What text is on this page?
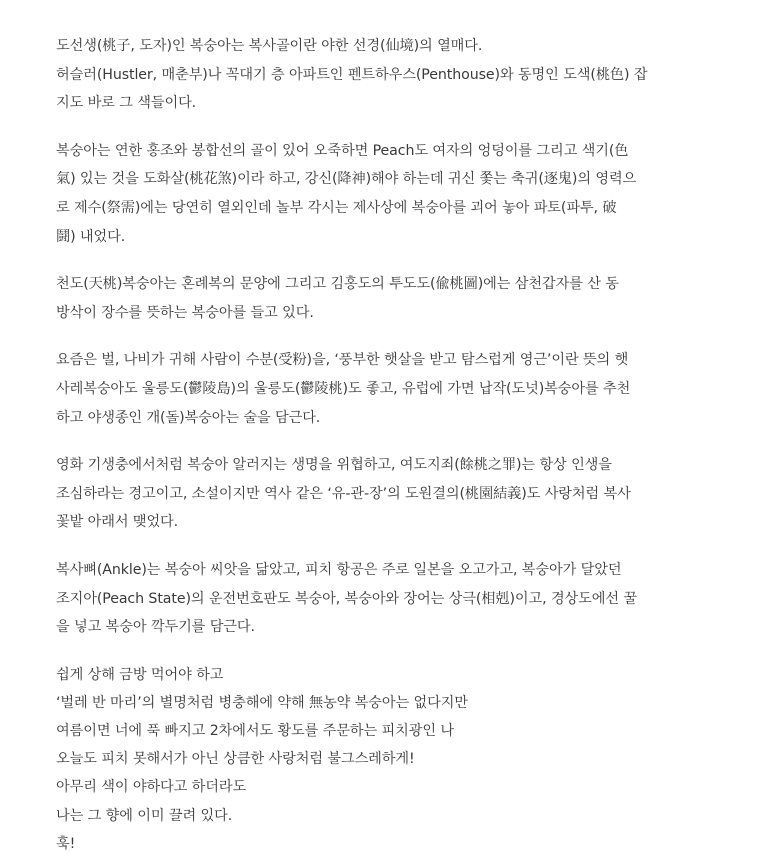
도선생(桃子, 도자)인 복숭아는 복사골이란 야한 선경(仙境)의 열매다.
허슬러(Hustler, 매춘부)나 꼭대기 층 아파트인 펜트하우스(Penthouse)와 동명인 도색(桃色) 잡
지도 바로 그 색들이다.
복숭아는 연한 홍조와 봉합선의 골이 있어 오죽하면 Peach도 여자의 엉덩이를 그리고 색기(色
氣) 있는 것을 도화살(桃花煞)이라 하고, 강신(降神)해야 하는데 귀신 쫓는 축귀(逐鬼)의 영력으
로 제수(祭需)에는 당연히 열외인데 놀부 각시는 제사상에 복숭아를 괴어 놓아 파토(파투, 破
鬪) 내었다.
천도(天桃)복숭아는 혼례복의 문양에 그리고 김홍도의 투도도(偸桃圖)에는 삼천갑자를 산 동
방삭이 장수를 뜻하는 복숭아를 들고 있다.
요즘은 벌, 나비가 귀해 사람이 수분(受粉)을, ‘풍부한 햇살을 받고 탐스럽게 영근’이란 뜻의 햇
사레복숭아도 울릉도(鬱陵島)의 울릉도(鬱陵桃)도 좋고, 유럽에 가면 납작(도넛)복숭아를 추천
하고 야생종인 개(돌)복숭아는 술을 담근다.
영화 기생충에서처럼 복숭아 알러지는 생명을 위협하고, 여도지죄(餘桃之罪)는 항상 인생을
조심하라는 경고이고, 소설이지만 역사 같은 ‘유-관-장’의 도원결의(桃園結義)도 사랑처럼 복사
꽃밭 아래서 맺었다.
복사뼈(Ankle)는 복숭아 씨앗을 닮았고, 피치 항공은 주로 일본을 오고가고, 복숭아가 달았던
조지아(Peach State)의 운전번호판도 복숭아, 복숭아와 장어는 상극(相剋)이고, 경상도에선 꿀
을 넣고 복숭아 깍두기를 담근다.
쉽게 상해 금방 먹어야 하고
‘벌레 반 마리’의 별명처럼 병충해에 약해 無농약 복숭아는 없다지만
여름이면 너에 푹 빠지고 2차에서도 황도를 주문하는 피치광인 나
오늘도 피치 못해서가 아닌 상큼한 사랑처럼 불그스레하게!
아무리 색이 야하다고 하더라도
나는 그 향에 이미 끌려 있다.
훅!
